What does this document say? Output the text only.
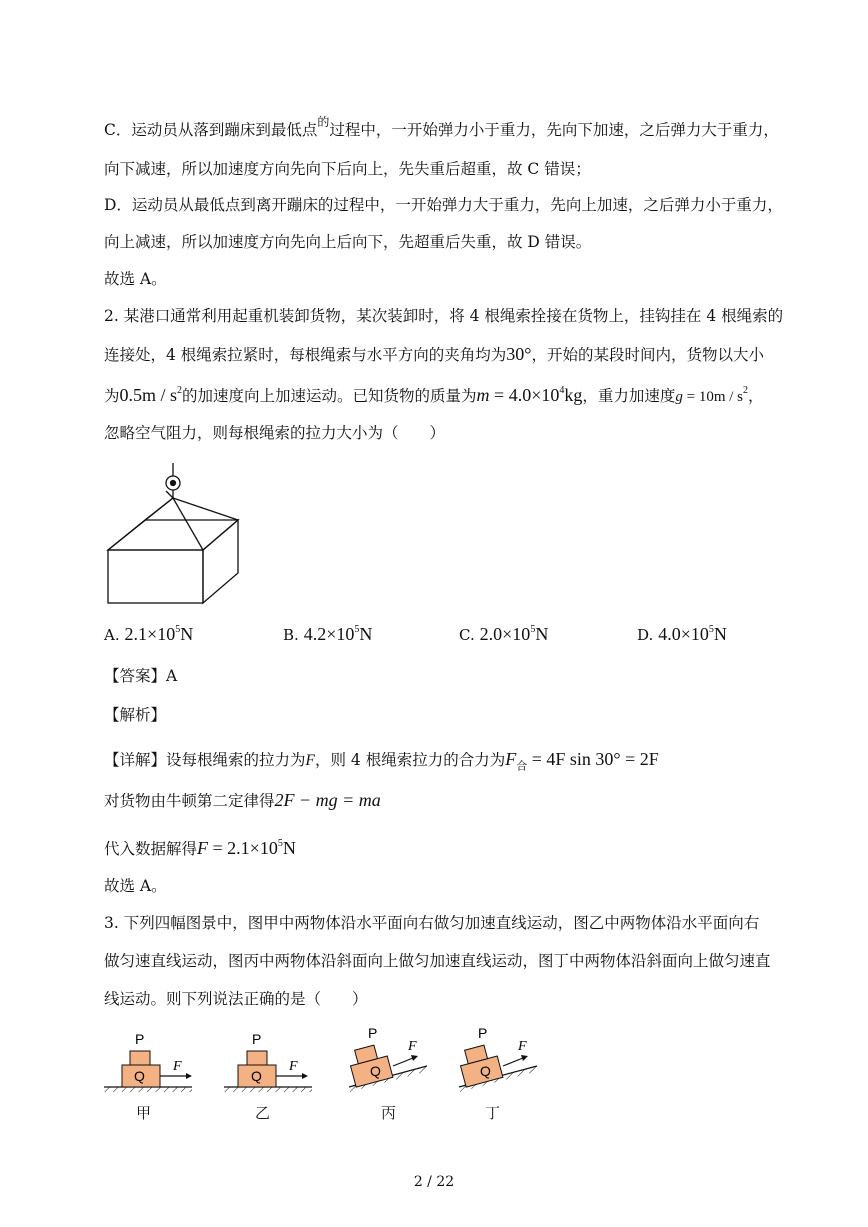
C．运动员从落到蹦床到最低点$^的$过程中，一开始弹力小于重力，先向下加速，之后弹力大于重力，
向下减速，所以加速度方向先向下后向上，先失重后超重，故 C 错误；
D．运动员从最低点到离开蹦床的过程中，一开始弹力大于重力，先向上加速，之后弹力小于重力，
向上减速，所以加速度方向先向上后向下，先超重后失重，故 D 错误。
故选 A。
2. 某港口通常利用起重机装卸货物，某次装卸时，将 4 根绳索拴接在货物上，挂钩挂在 4 根绳索的
连接处，4 根绳索拉紧时，每根绳索与水平方向的夹角均为30°，开始的某段时间内，货物以大小
为$0.5m / s^2$的加速度向上加速运动。已知货物的质量为$m = 4.0\times 10^4kg$，重力加速度$g = 10m / s^2$，
忽略空气阻力，则每根绳索的拉力大小为（　　）
A. $2.1\times 10^5N$	B. $4.2\times 10^5N$	C. $2.0\times 10^5N$	D. $4.0\times 10^5N$
【答案】A
【解析】
【详解】设每根绳索的拉力为F，则 4 根绳索拉力的合力为$F_合 = 4F$ sin 30° = 2F
对货物由牛顿第二定律得2F − mg = ma
代入数据解得$F = 2.1\times 10^5N$
故选 A。
3. 下列四幅图景中，图甲中两物体沿水平面向右做匀加速直线运动，图乙中两物体沿水平面向右
做匀速直线运动，图丙中两物体沿斜面向上做匀加速直线运动，图丁中两物体沿斜面向上做匀速直
线运动。则下列说法正确的是（　　）
P
Q
F
P
Q
F
P
Q
F
P
Q
F
甲	乙	丙	丁
2 / 22
